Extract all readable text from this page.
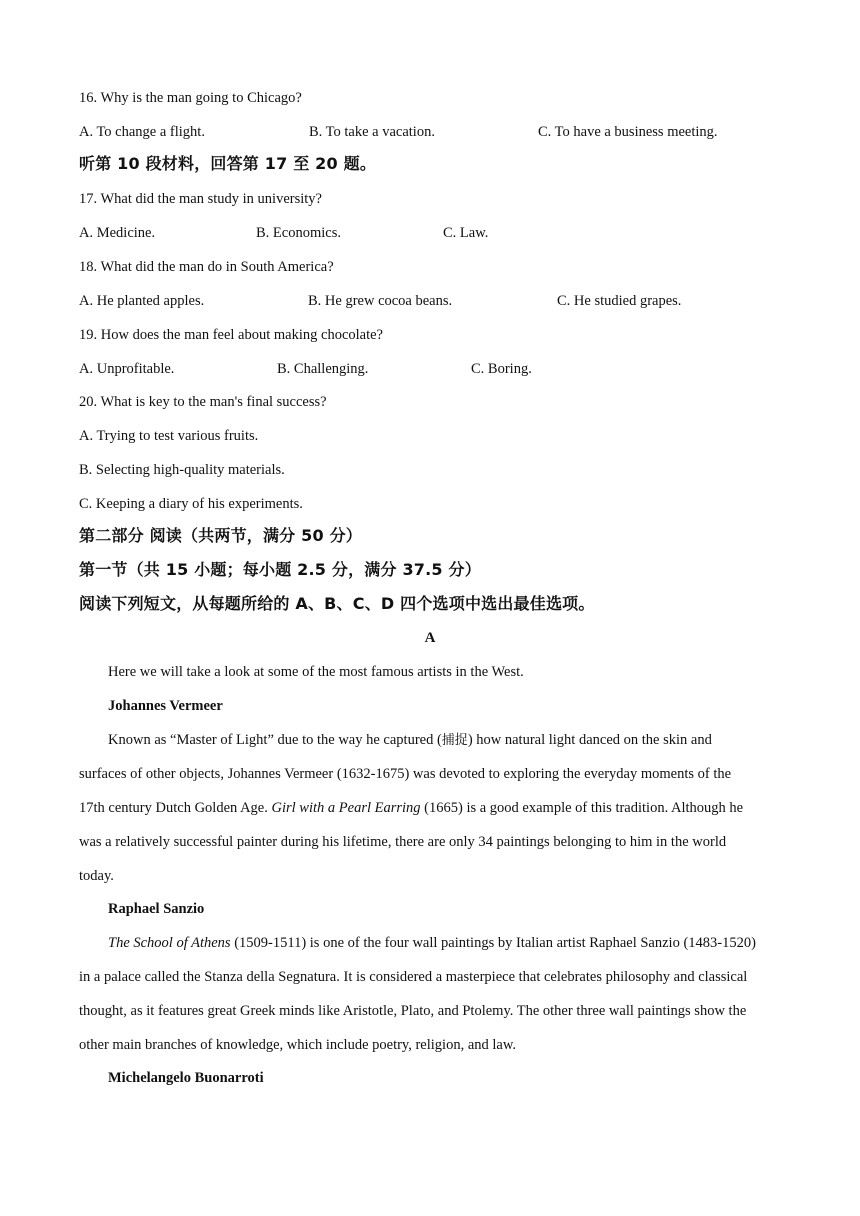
16. Why is the man going to Chicago?
A. To change a flight.	B. To take a vacation.	C. To have a business meeting.
听第 10 段材料，回答第 17 至 20 题。
17. What did the man study in university?
A. Medicine.	B. Economics.	C. Law.
18. What did the man do in South America?
A. He planted apples.	B. He grew cocoa beans.	C. He studied grapes.
19. How does the man feel about making chocolate?
A. Unprofitable.	B. Challenging.	C. Boring.
20. What is key to the man's final success?
A. Trying to test various fruits.
B. Selecting high-quality materials.
C. Keeping a diary of his experiments.
第二部分 阅读（共两节，满分 50 分）
第一节（共 15 小题；每小题 2.5 分，满分 37.5 分）
阅读下列短文，从每题所给的 A、B、C、D 四个选项中选出最佳选项。
A
Here we will take a look at some of the most famous artists in the West.
Johannes Vermeer
Known as “Master of Light” due to the way he captured (捕捉) how natural light danced on the skin and
surfaces of other objects, Johannes Vermeer (1632-1675) was devoted to exploring the everyday moments of the
17th century Dutch Golden Age. Girl with a Pearl Earring (1665) is a good example of this tradition. Although he
was a relatively successful painter during his lifetime, there are only 34 paintings belonging to him in the world
today.
Raphael Sanzio
The School of Athens (1509-1511) is one of the four wall paintings by Italian artist Raphael Sanzio (1483-1520)
in a palace called the Stanza della Segnatura. It is considered a masterpiece that celebrates philosophy and classical
thought, as it features great Greek minds like Aristotle, Plato, and Ptolemy. The other three wall paintings show the
other main branches of knowledge, which include poetry, religion, and law.
Michelangelo Buonarroti
